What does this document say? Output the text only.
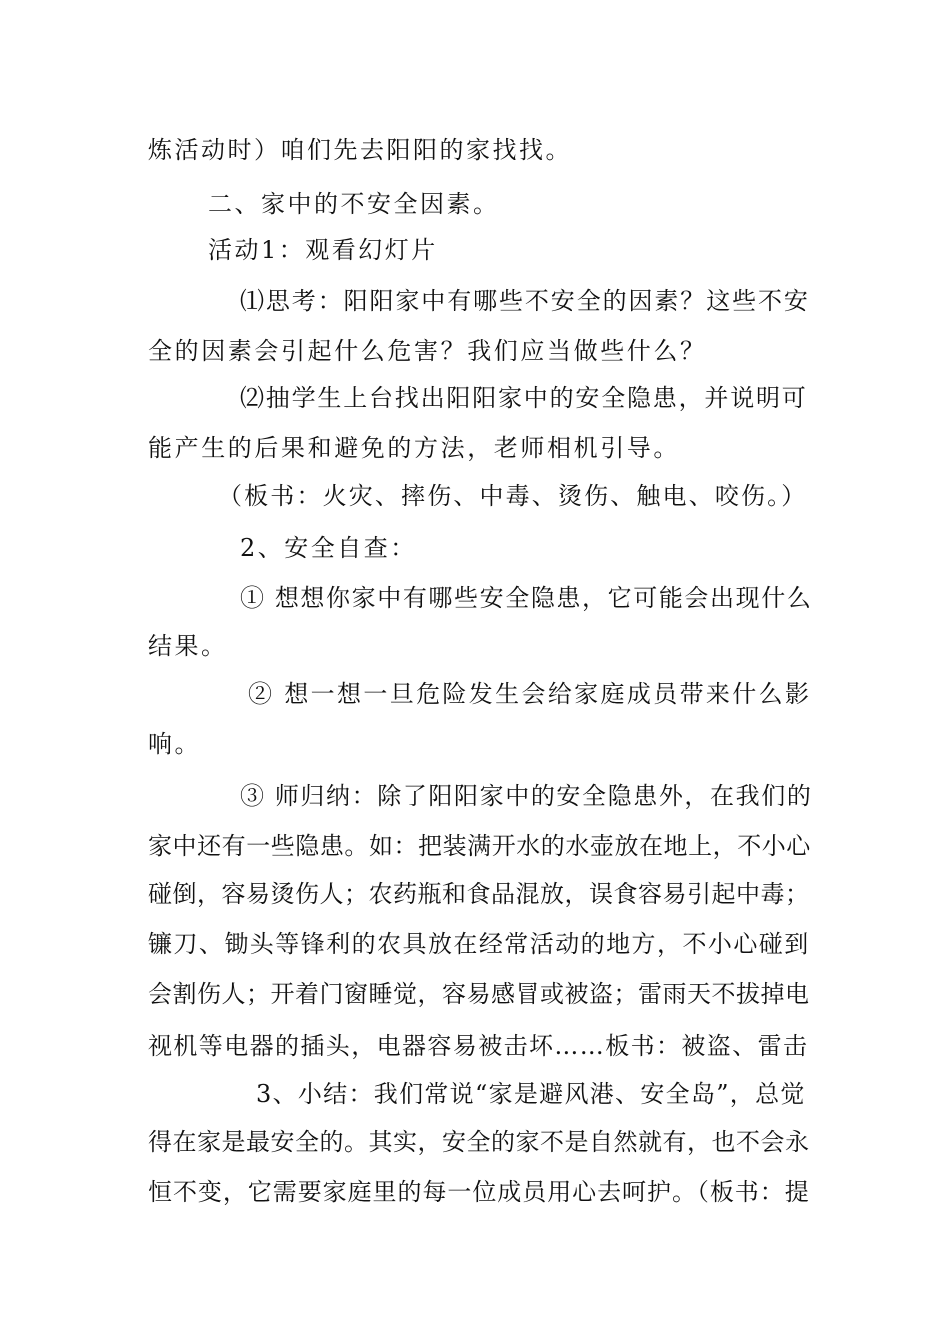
炼活动时）咱们先去阳阳的家找找。
二、家中的不安全因素。
活动1：观看幻灯片
⑴思考：阳阳家中有哪些不安全的因素？这些不安
全的因素会引起什么危害？我们应当做些什么？
⑵抽学生上台找出阳阳家中的安全隐患，并说明可
能产生的后果和避免的方法，老师相机引导。
（板书：火灾、摔伤、中毒、烫伤、触电、咬伤。）
2、安全自查：
① 想想你家中有哪些安全隐患，它可能会出现什么
结果。
② 想一想一旦危险发生会给家庭成员带来什么影
响。
③ 师归纳：除了阳阳家中的安全隐患外，在我们的
家中还有一些隐患。如：把装满开水的水壶放在地上，不小心
碰倒，容易烫伤人；农药瓶和食品混放，误食容易引起中毒；
镰刀、锄头等锋利的农具放在经常活动的地方，不小心碰到
会割伤人；开着门窗睡觉，容易感冒或被盗；雷雨天不拔掉电
视机等电器的插头，电器容易被击坏……板书：被盗、雷击
3、小结：我们常说“家是避风港、安全岛”，总觉
得在家是最安全的。其实，安全的家不是自然就有，也不会永
恒不变，它需要家庭里的每一位成员用心去呵护。（板书：提
